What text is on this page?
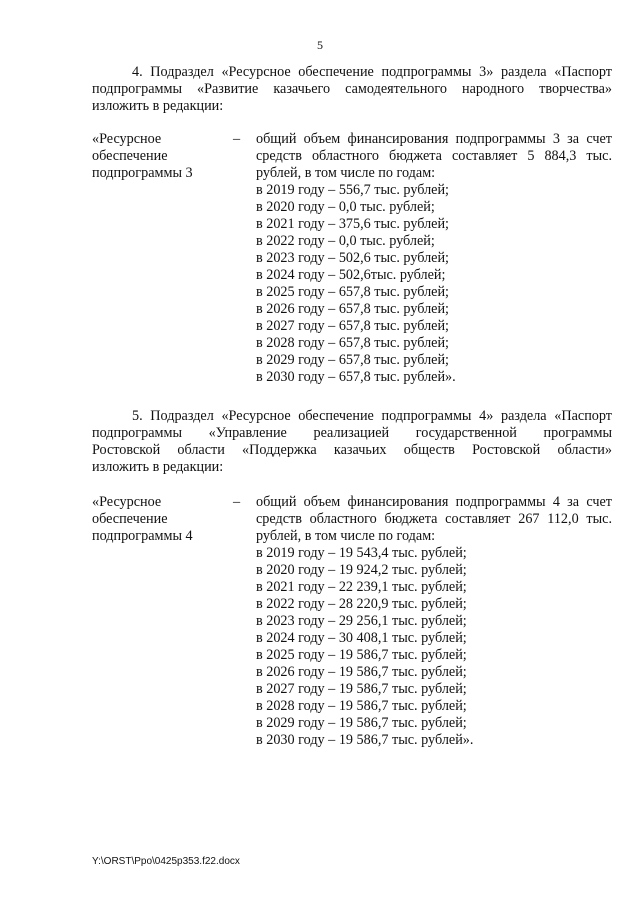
5
4. Подраздел «Ресурсное обеспечение подпрограммы 3» раздела «Паспорт
подпрограммы «Развитие казачьего самодеятельного народного творчества»
изложить в редакции:
«Ресурсное
обеспечение
подпрограммы 3
– общий объем финансирования подпрограммы 3 за счет
средств областного бюджета составляет 5 884,3 тыс.
рублей, в том числе по годам:
в 2019 году – 556,7 тыс. рублей;
в 2020 году – 0,0 тыс. рублей;
в 2021 году – 375,6 тыс. рублей;
в 2022 году – 0,0 тыс. рублей;
в 2023 году – 502,6 тыс. рублей;
в 2024 году – 502,6тыс. рублей;
в 2025 году – 657,8 тыс. рублей;
в 2026 году – 657,8 тыс. рублей;
в 2027 году – 657,8 тыс. рублей;
в 2028 году – 657,8 тыс. рублей;
в 2029 году – 657,8 тыс. рублей;
в 2030 году – 657,8 тыс. рублей».
5. Подраздел «Ресурсное обеспечение подпрограммы 4» раздела «Паспорт
подпрограммы «Управление реализацией государственной программы
Ростовской области «Поддержка казачьих обществ Ростовской области»
изложить в редакции:
«Ресурсное
обеспечение
подпрограммы 4
– общий объем финансирования подпрограммы 4 за счет
средств областного бюджета составляет 267 112,0 тыс.
рублей, в том числе по годам:
в 2019 году – 19 543,4 тыс. рублей;
в 2020 году – 19 924,2 тыс. рублей;
в 2021 году – 22 239,1 тыс. рублей;
в 2022 году – 28 220,9 тыс. рублей;
в 2023 году – 29 256,1 тыс. рублей;
в 2024 году – 30 408,1 тыс. рублей;
в 2025 году – 19 586,7 тыс. рублей;
в 2026 году – 19 586,7 тыс. рублей;
в 2027 году – 19 586,7 тыс. рублей;
в 2028 году – 19 586,7 тыс. рублей;
в 2029 году – 19 586,7 тыс. рублей;
в 2030 году – 19 586,7 тыс. рублей».
Y:\ORST\Ppo\0425p353.f22.docx
